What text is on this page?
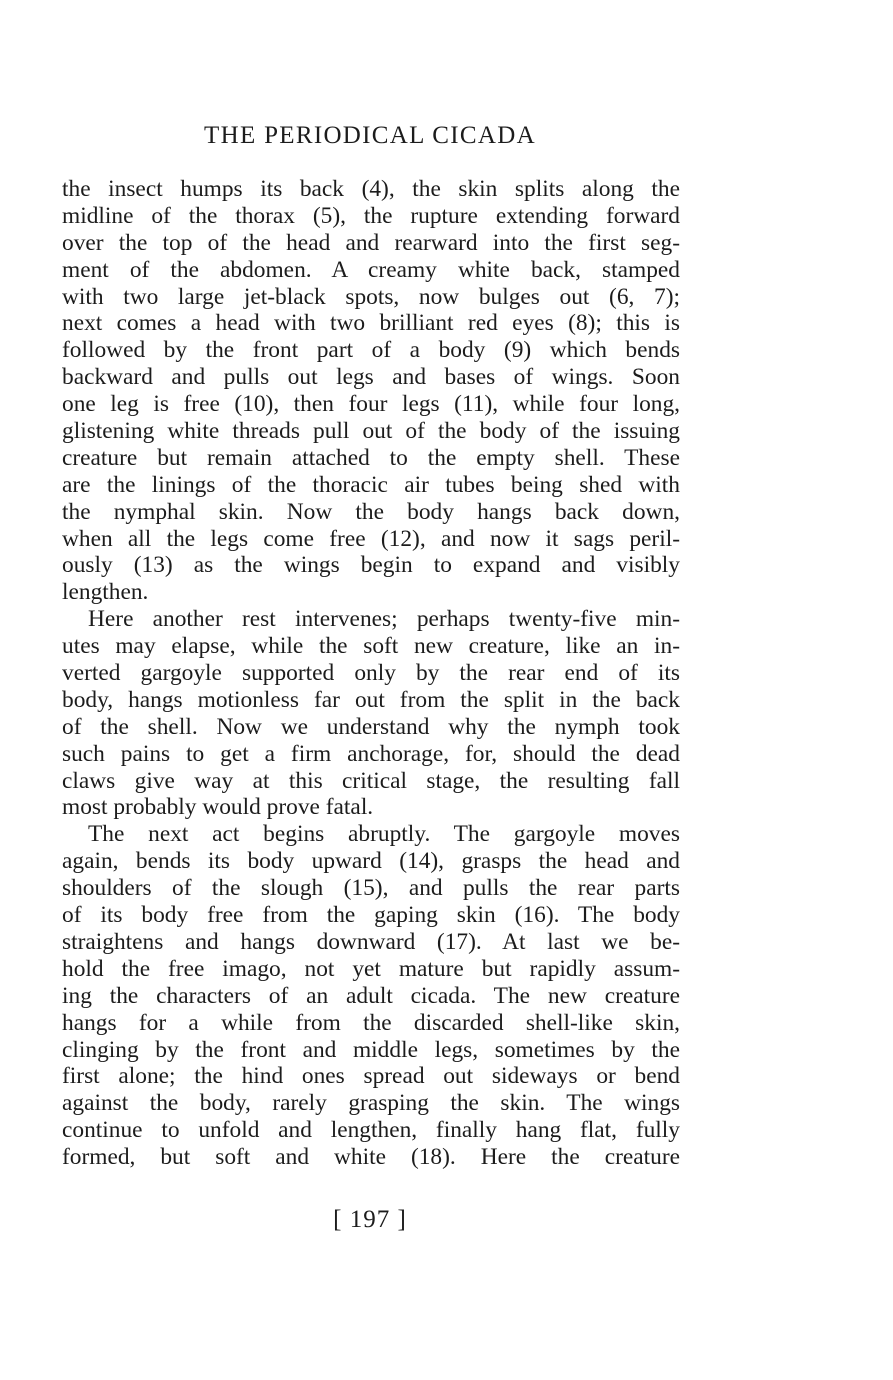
THE PERIODICAL CICADA
the insect humps its back (4), the skin splits along the
midline of the thorax (5), the rupture extending forward
over the top of the head and rearward into the first seg-
ment of the abdomen. A creamy white back, stamped
with two large jet-black spots, now bulges out (6, 7);
next comes a head with two brilliant red eyes (8); this is
followed by the front part of a body (9) which bends
backward and pulls out legs and bases of wings. Soon
one leg is free (10), then four legs (11), while four long,
glistening white threads pull out of the body of the issuing
creature but remain attached to the empty shell. These
are the linings of the thoracic air tubes being shed with
the nymphal skin. Now the body hangs back down,
when all the legs come free (12), and now it sags peril-
ously (13) as the wings begin to expand and visibly
lengthen.
Here another rest intervenes; perhaps twenty-five min-
utes may elapse, while the soft new creature, like an in-
verted gargoyle supported only by the rear end of its
body, hangs motionless far out from the split in the back
of the shell. Now we understand why the nymph took
such pains to get a firm anchorage, for, should the dead
claws give way at this critical stage, the resulting fall
most probably would prove fatal.
The next act begins abruptly. The gargoyle moves
again, bends its body upward (14), grasps the head and
shoulders of the slough (15), and pulls the rear parts
of its body free from the gaping skin (16). The body
straightens and hangs downward (17). At last we be-
hold the free imago, not yet mature but rapidly assum-
ing the characters of an adult cicada. The new creature
hangs for a while from the discarded shell-like skin,
clinging by the front and middle legs, sometimes by the
first alone; the hind ones spread out sideways or bend
against the body, rarely grasping the skin. The wings
continue to unfold and lengthen, finally hang flat, fully
formed, but soft and white (18). Here the creature
[ 197 ]
